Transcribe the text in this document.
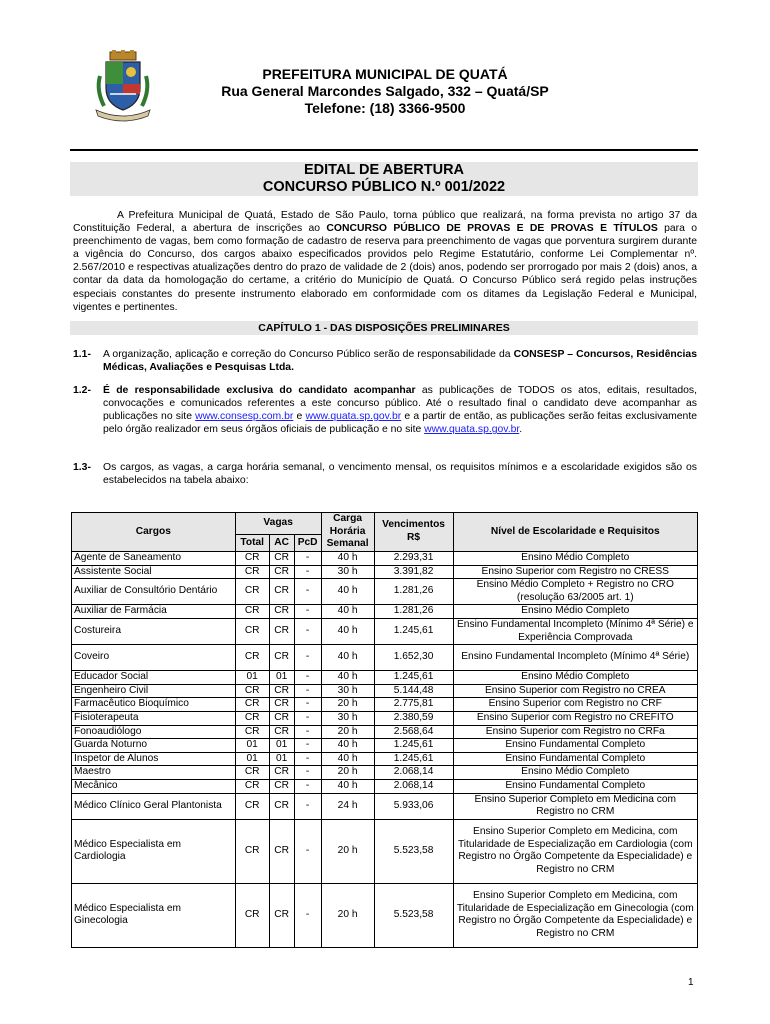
PREFEITURA MUNICIPAL DE QUATÁ
Rua General Marcondes Salgado, 332 – Quatá/SP
Telefone: (18) 3366-9500
EDITAL DE ABERTURA
CONCURSO PÚBLICO N.º 001/2022

A Prefeitura Municipal de Quatá, Estado de São Paulo, torna público que realizará, na forma prevista no artigo 37 da Constituição Federal, a abertura de inscrições ao CONCURSO PÚBLICO DE PROVAS E DE PROVAS E TÍTULOS para o preenchimento de vagas, bem como formação de cadastro de reserva para preenchimento de vagas que porventura surgirem durante a vigência do Concurso, dos cargos abaixo especificados providos pelo Regime Estatutário, conforme Lei Complementar nº. 2.567/2010 e respectivas atualizações dentro do prazo de validade de 2 (dois) anos, podendo ser prorrogado por mais 2 (dois) anos, a contar da data da homologação do certame, a critério do Município de Quatá. O Concurso Público será regido pelas instruções especiais constantes do presente instrumento elaborado em conformidade com os ditames da Legislação Federal e Municipal, vigentes e pertinentes.

CAPÍTULO 1 - DAS DISPOSIÇÕES PRELIMINARES
1.1- A organização, aplicação e correção do Concurso Público serão de responsabilidade da CONSESP – Concursos, Residências Médicas, Avaliações e Pesquisas Ltda.
1.2- É de responsabilidade exclusiva do candidato acompanhar as publicações de TODOS os atos, editais, resultados, convocações e comunicados referentes a este concurso público. Até o resultado final o candidato deve acompanhar as publicações no site www.consesp.com.br e www.quata.sp.gov.br e a partir de então, as publicações serão feitas exclusivamente pelo órgão realizador em seus órgãos oficiais de publicação e no site www.quata.sp.gov.br.
1.3- Os cargos, as vagas, a carga horária semanal, o vencimento mensal, os requisitos mínimos e a escolaridade exigidos são os estabelecidos na tabela abaixo:
Cargos	Vagas			Carga Horária Semanal	Vencimentos R$	Nível de Escolaridade e Requisitos
	Total	AC	PcD			
Agente de Saneamento	CR	CR	-	40 h	2.293,31	Ensino Médio Completo
Assistente Social	CR	CR	-	30 h	3.391,82	Ensino Superior com Registro no CRESS
Auxiliar de Consultório Dentário	CR	CR	-	40 h	1.281,26	Ensino Médio Completo + Registro no CRO (resolução 63/2005 art. 1)
Auxiliar de Farmácia	CR	CR	-	40 h	1.281,26	Ensino Médio Completo
Costureira	CR	CR	-	40 h	1.245,61	Ensino Fundamental Incompleto (Mínimo 4ª Série) e Experiência Comprovada
Coveiro	CR	CR	-	40 h	1.652,30	Ensino Fundamental Incompleto (Mínimo 4ª Série)
Educador Social	01	01	-	40 h	1.245,61	Ensino Médio Completo
Engenheiro Civil	CR	CR	-	30 h	5.144,48	Ensino Superior com Registro no CREA
Farmacêutico Bioquímico	CR	CR	-	20 h	2.775,81	Ensino Superior com Registro no CRF
Fisioterapeuta	CR	CR	-	30 h	2.380,59	Ensino Superior com Registro no CREFITO
Fonoaudiólogo	CR	CR	-	20 h	2.568,64	Ensino Superior com Registro no CRFa
Guarda Noturno	01	01	-	40 h	1.245,61	Ensino Fundamental Completo
Inspetor de Alunos	01	01	-	40 h	1.245,61	Ensino Fundamental Completo
Maestro	CR	CR	-	20 h	2.068,14	Ensino Médio Completo
Mecânico	CR	CR	-	40 h	2.068,14	Ensino Fundamental Completo
Médico Clínico Geral Plantonista	CR	CR	-	24 h	5.933,06	Ensino Superior Completo em Medicina com Registro no CRM
Médico Especialista em Cardiologia	CR	CR	-	20 h	5.523,58	Ensino Superior Completo em Medicina, com Titularidade de Especialização em Cardiologia (com Registro no Órgão Competente da Especialidade) e Registro no CRM
Médico Especialista em Ginecologia	CR	CR	-	20 h	5.523,58	Ensino Superior Completo em Medicina, com Titularidade de Especialização em Ginecologia (com Registro no Órgão Competente da Especialidade) e Registro no CRM
1
